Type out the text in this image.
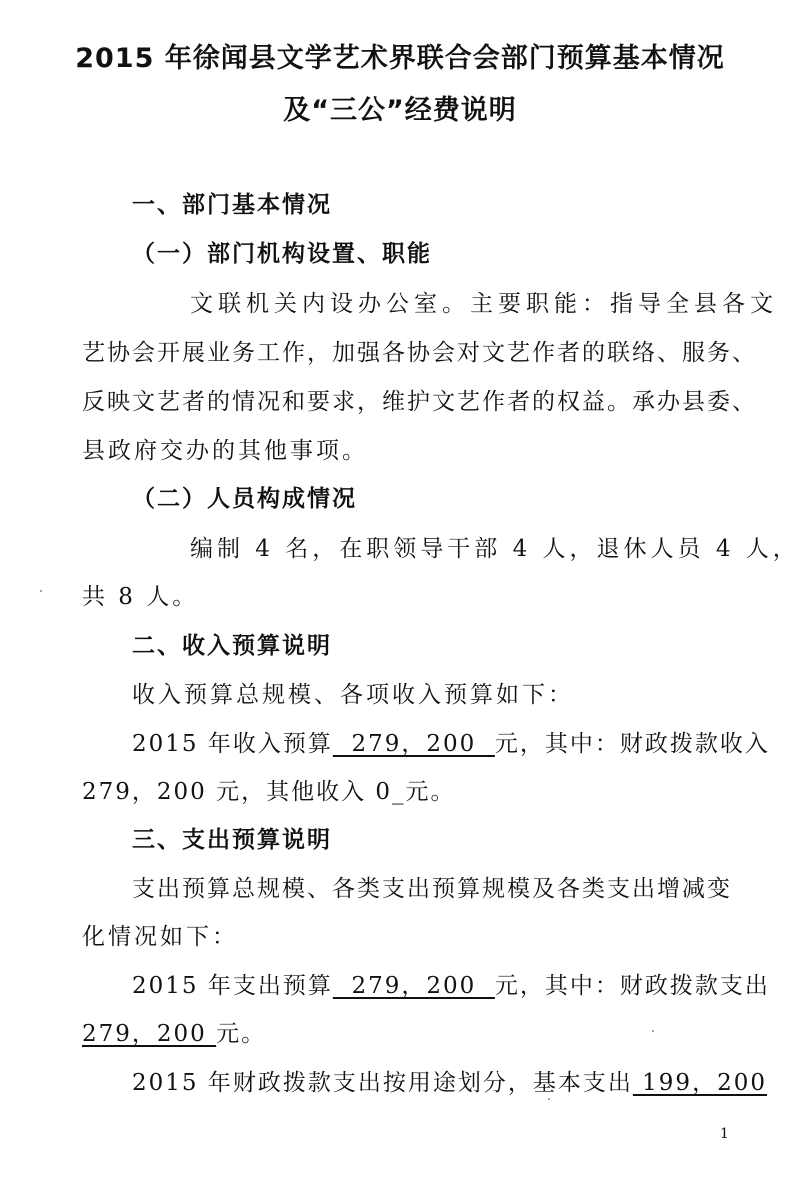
2015 年徐闻县文学艺术界联合会部门预算基本情况
及“三公”经费说明
一、部门基本情况
（一）部门机构设置、职能
文联机关内设办公室。主要职能：指导全县各文
艺协会开展业务工作，加强各协会对文艺作者的联络、服务、
反映文艺者的情况和要求，维护文艺作者的权益。承办县委、
县政府交办的其他事项。
（二）人员构成情况
编制 4 名，在职领导干部 4 人，退休人员 4 人，
共 8 人。
二、收入预算说明
收入预算总规模、各项收入预算如下：
2015 年收入预算  279，200  元，其中：财政拨款收入
279，200 元，其他收入 0_元。
三、支出预算说明
支出预算总规模、各类支出预算规模及各类支出增减变
化情况如下：
2015 年支出预算  279，200  元，其中：财政拨款支出
279，200 元。
2015 年财政拨款支出按用途划分，基本支出 199，200
1
